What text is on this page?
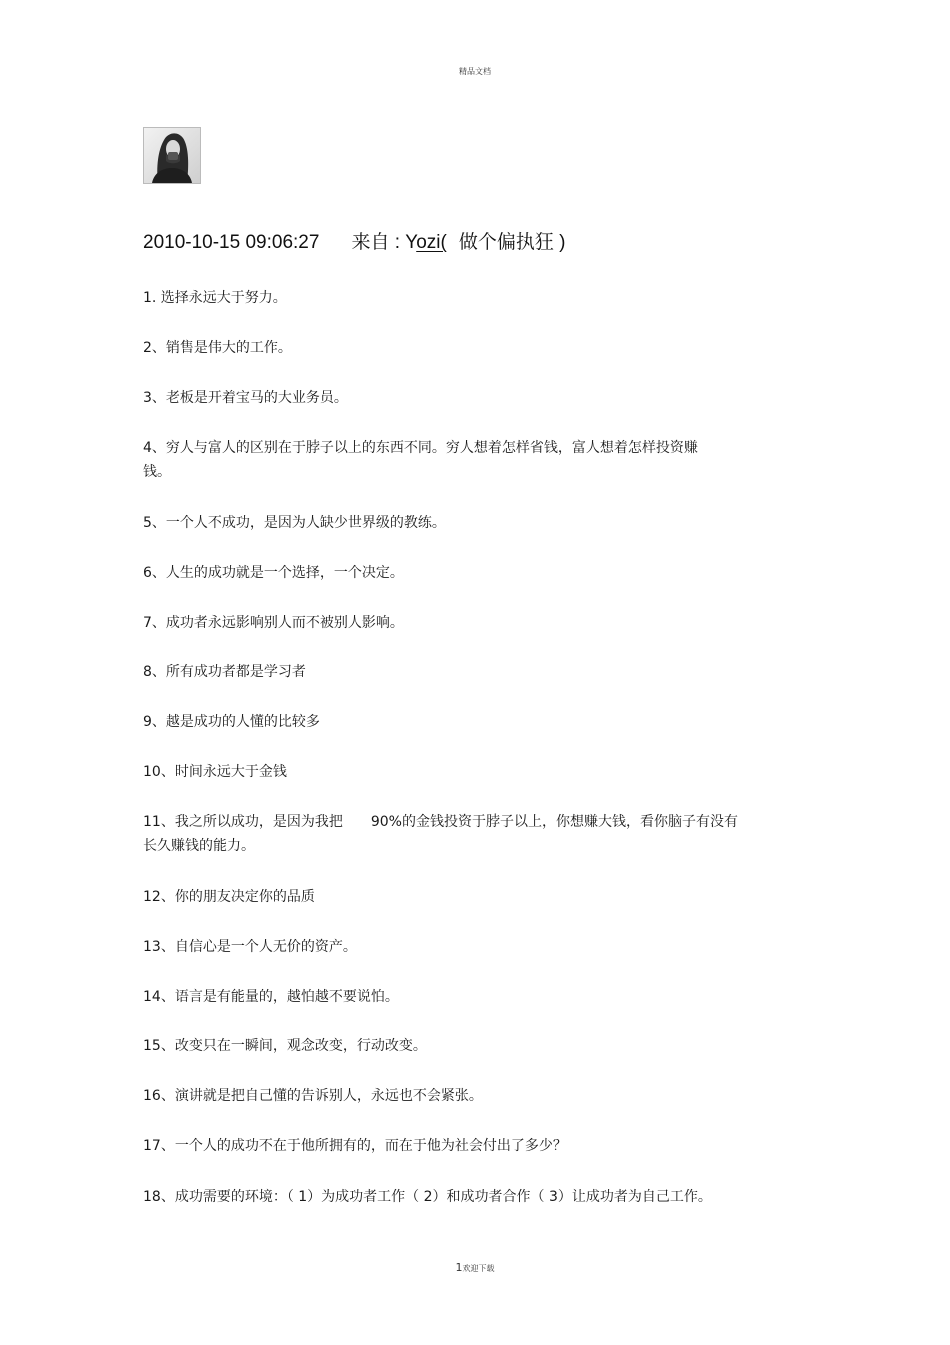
精品文档
2010-10-15 09:06:27 来自 : Yozi( 做个偏执狂 )
1. 选择永远大于努力。
2、销售是伟大的工作。
3、老板是开着宝马的大业务员。
4、穷人与富人的区别在于脖子以上的东西不同。穷人想着怎样省钱，富人想着怎样投资赚
钱。
5、一个人不成功，是因为人缺少世界级的教练。
6、人生的成功就是一个选择，一个决定。
7、成功者永远影响别人而不被别人影响。
8、所有成功者都是学习者
9、越是成功的人懂的比较多
10、时间永远大于金钱
11、我之所以成功，是因为我把 90%的金钱投资于脖子以上，你想赚大钱，看你脑子有没有
长久赚钱的能力。
12、你的朋友决定你的品质
13、自信心是一个人无价的资产。
14、语言是有能量的，越怕越不要说怕。
15、改变只在一瞬间，观念改变，行动改变。
16、演讲就是把自己懂的告诉别人，永远也不会紧张。
17、一个人的成功不在于他所拥有的，而在于他为社会付出了多少？
18、成功需要的环境：（ 1）为成功者工作（ 2）和成功者合作（ 3）让成功者为自己工作。
1欢迎下载
